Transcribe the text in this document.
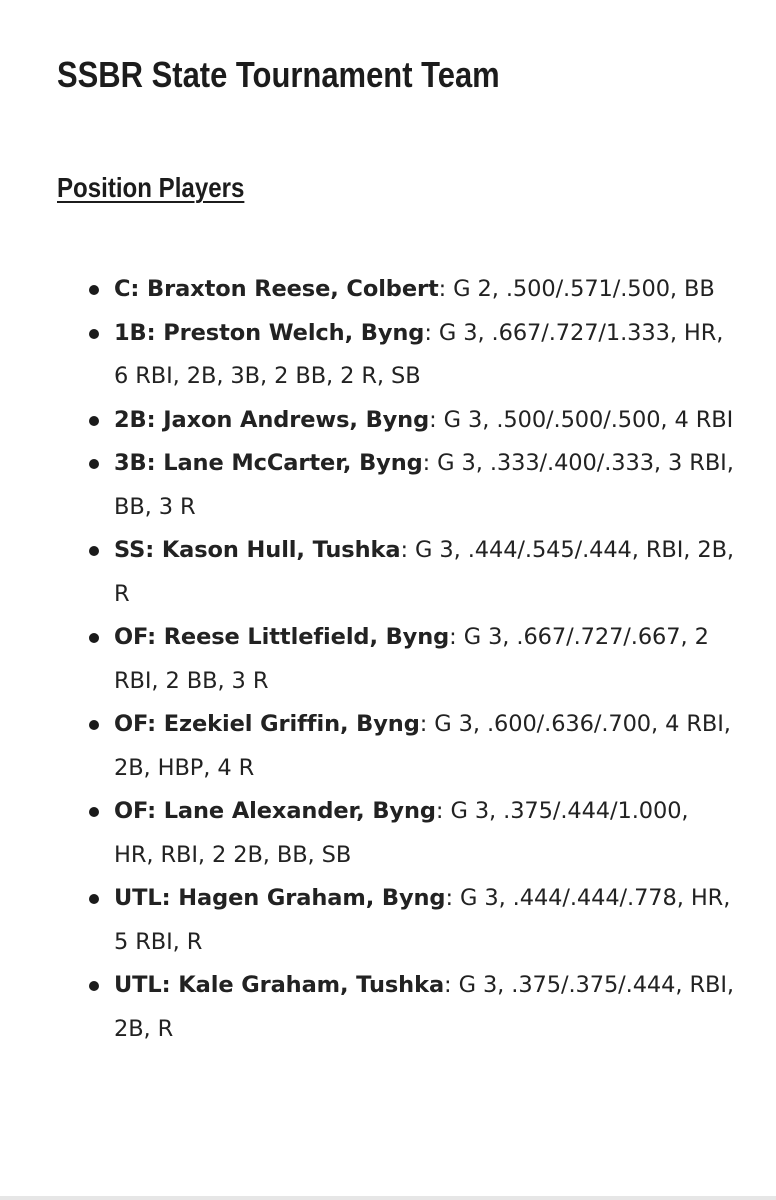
SSBR State Tournament Team
Position Players
C: Braxton Reese, Colbert: G 2, .500/.571/.500, BB
1B: Preston Welch, Byng: G 3, .667/.727/1.333, HR, 6 RBI, 2B, 3B, 2 BB, 2 R, SB
2B: Jaxon Andrews, Byng: G 3, .500/.500/.500, 4 RBI
3B: Lane McCarter, Byng: G 3, .333/.400/.333, 3 RBI, BB, 3 R
SS: Kason Hull, Tushka: G 3, .444/.545/.444, RBI, 2B, R
OF: Reese Littlefield, Byng: G 3, .667/.727/.667, 2 RBI, 2 BB, 3 R
OF: Ezekiel Griffin, Byng: G 3, .600/.636/.700, 4 RBI, 2B, HBP, 4 R
OF: Lane Alexander, Byng: G 3, .375/.444/1.000, HR, RBI, 2 2B, BB, SB
UTL: Hagen Graham, Byng: G 3, .444/.444/.778, HR, 5 RBI, R
UTL: Kale Graham, Tushka: G 3, .375/.375/.444, RBI, 2B, R
